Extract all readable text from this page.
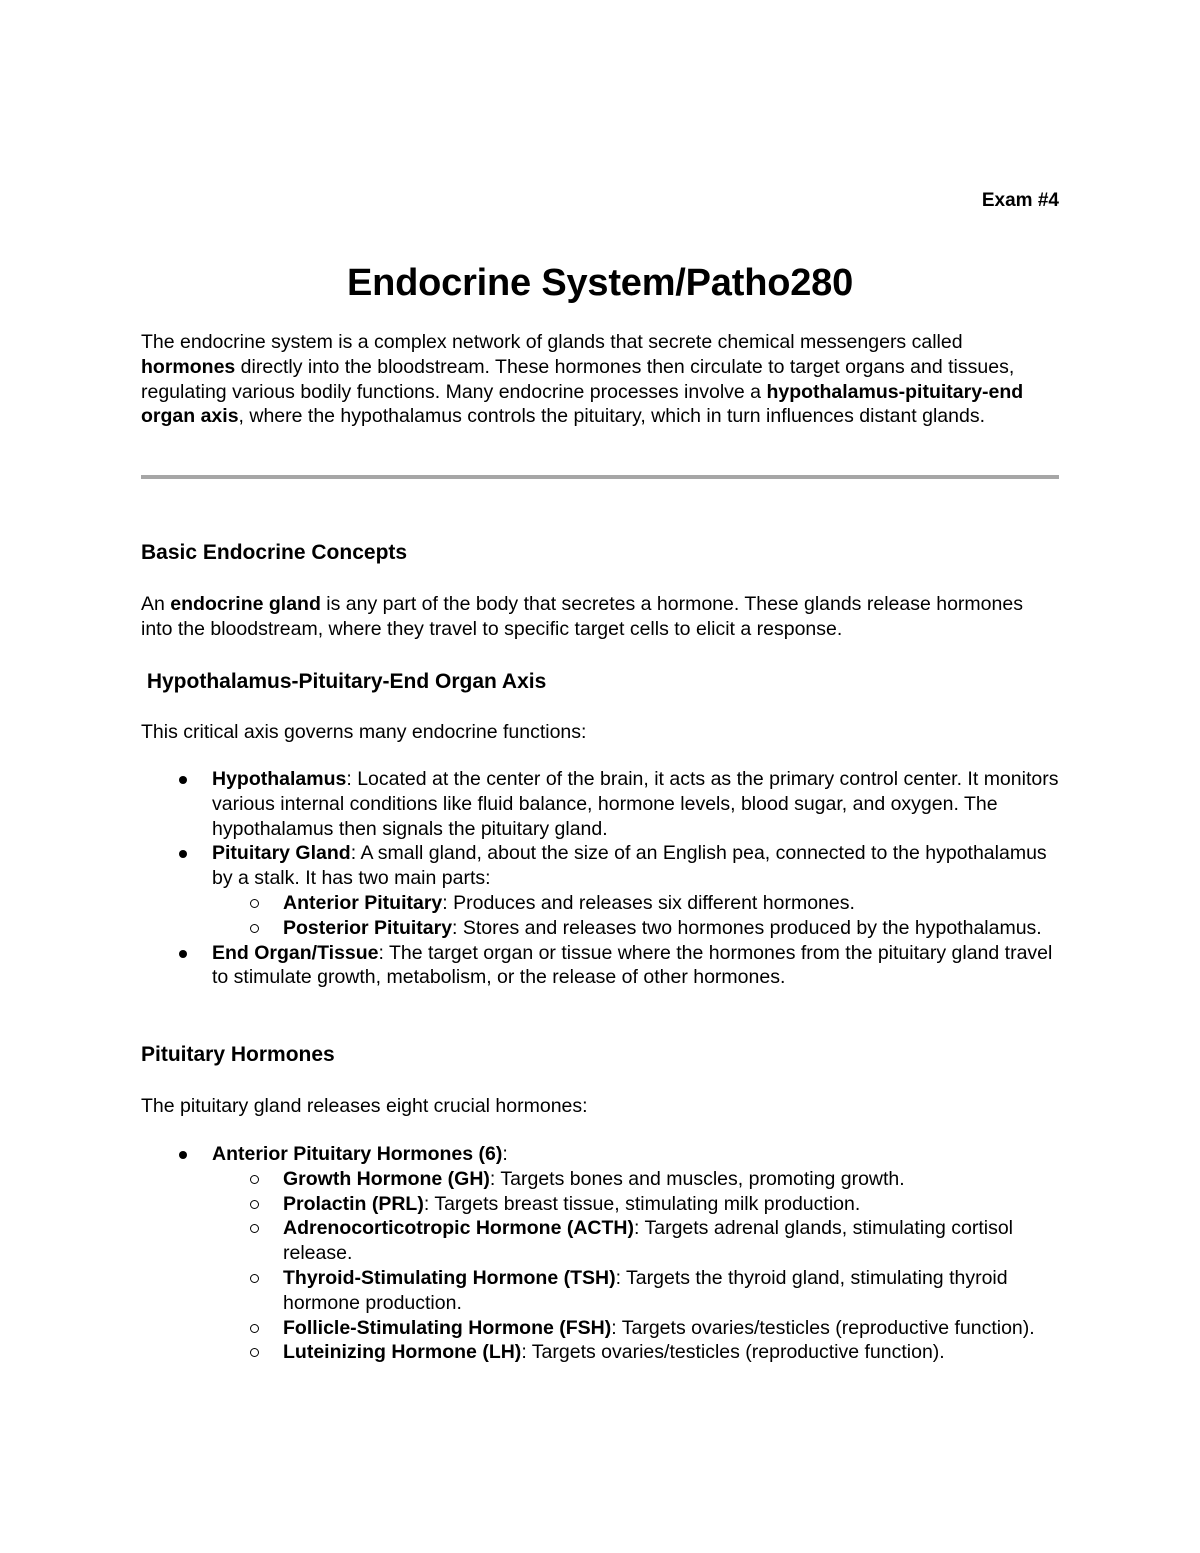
Exam #4
Endocrine System/Patho280

The endocrine system is a complex network of glands that secrete chemical messengers called hormones directly into the bloodstream. These hormones then circulate to target organs and tissues, regulating various bodily functions. Many endocrine processes involve a hypothalamus-pituitary-end organ axis, where the hypothalamus controls the pituitary, which in turn influences distant glands.

Basic Endocrine Concepts

An endocrine gland is any part of the body that secretes a hormone. These glands release hormones into the bloodstream, where they travel to specific target cells to elicit a response.

Hypothalamus-Pituitary-End Organ Axis

This critical axis governs many endocrine functions:

Hypothalamus: Located at the center of the brain, it acts as the primary control center. It monitors various internal conditions like fluid balance, hormone levels, blood sugar, and oxygen. The hypothalamus then signals the pituitary gland.
Pituitary Gland: A small gland, about the size of an English pea, connected to the hypothalamus by a stalk. It has two main parts:
Anterior Pituitary: Produces and releases six different hormones.
Posterior Pituitary: Stores and releases two hormones produced by the hypothalamus.
End Organ/Tissue: The target organ or tissue where the hormones from the pituitary gland travel to stimulate growth, metabolism, or the release of other hormones.
Pituitary Hormones

The pituitary gland releases eight crucial hormones:

Anterior Pituitary Hormones (6):
Growth Hormone (GH): Targets bones and muscles, promoting growth.
Prolactin (PRL): Targets breast tissue, stimulating milk production.
Adrenocorticotropic Hormone (ACTH): Targets adrenal glands, stimulating cortisol release.
Thyroid-Stimulating Hormone (TSH): Targets the thyroid gland, stimulating thyroid hormone production.
Follicle-Stimulating Hormone (FSH): Targets ovaries/testicles (reproductive function).
Luteinizing Hormone (LH): Targets ovaries/testicles (reproductive function).
